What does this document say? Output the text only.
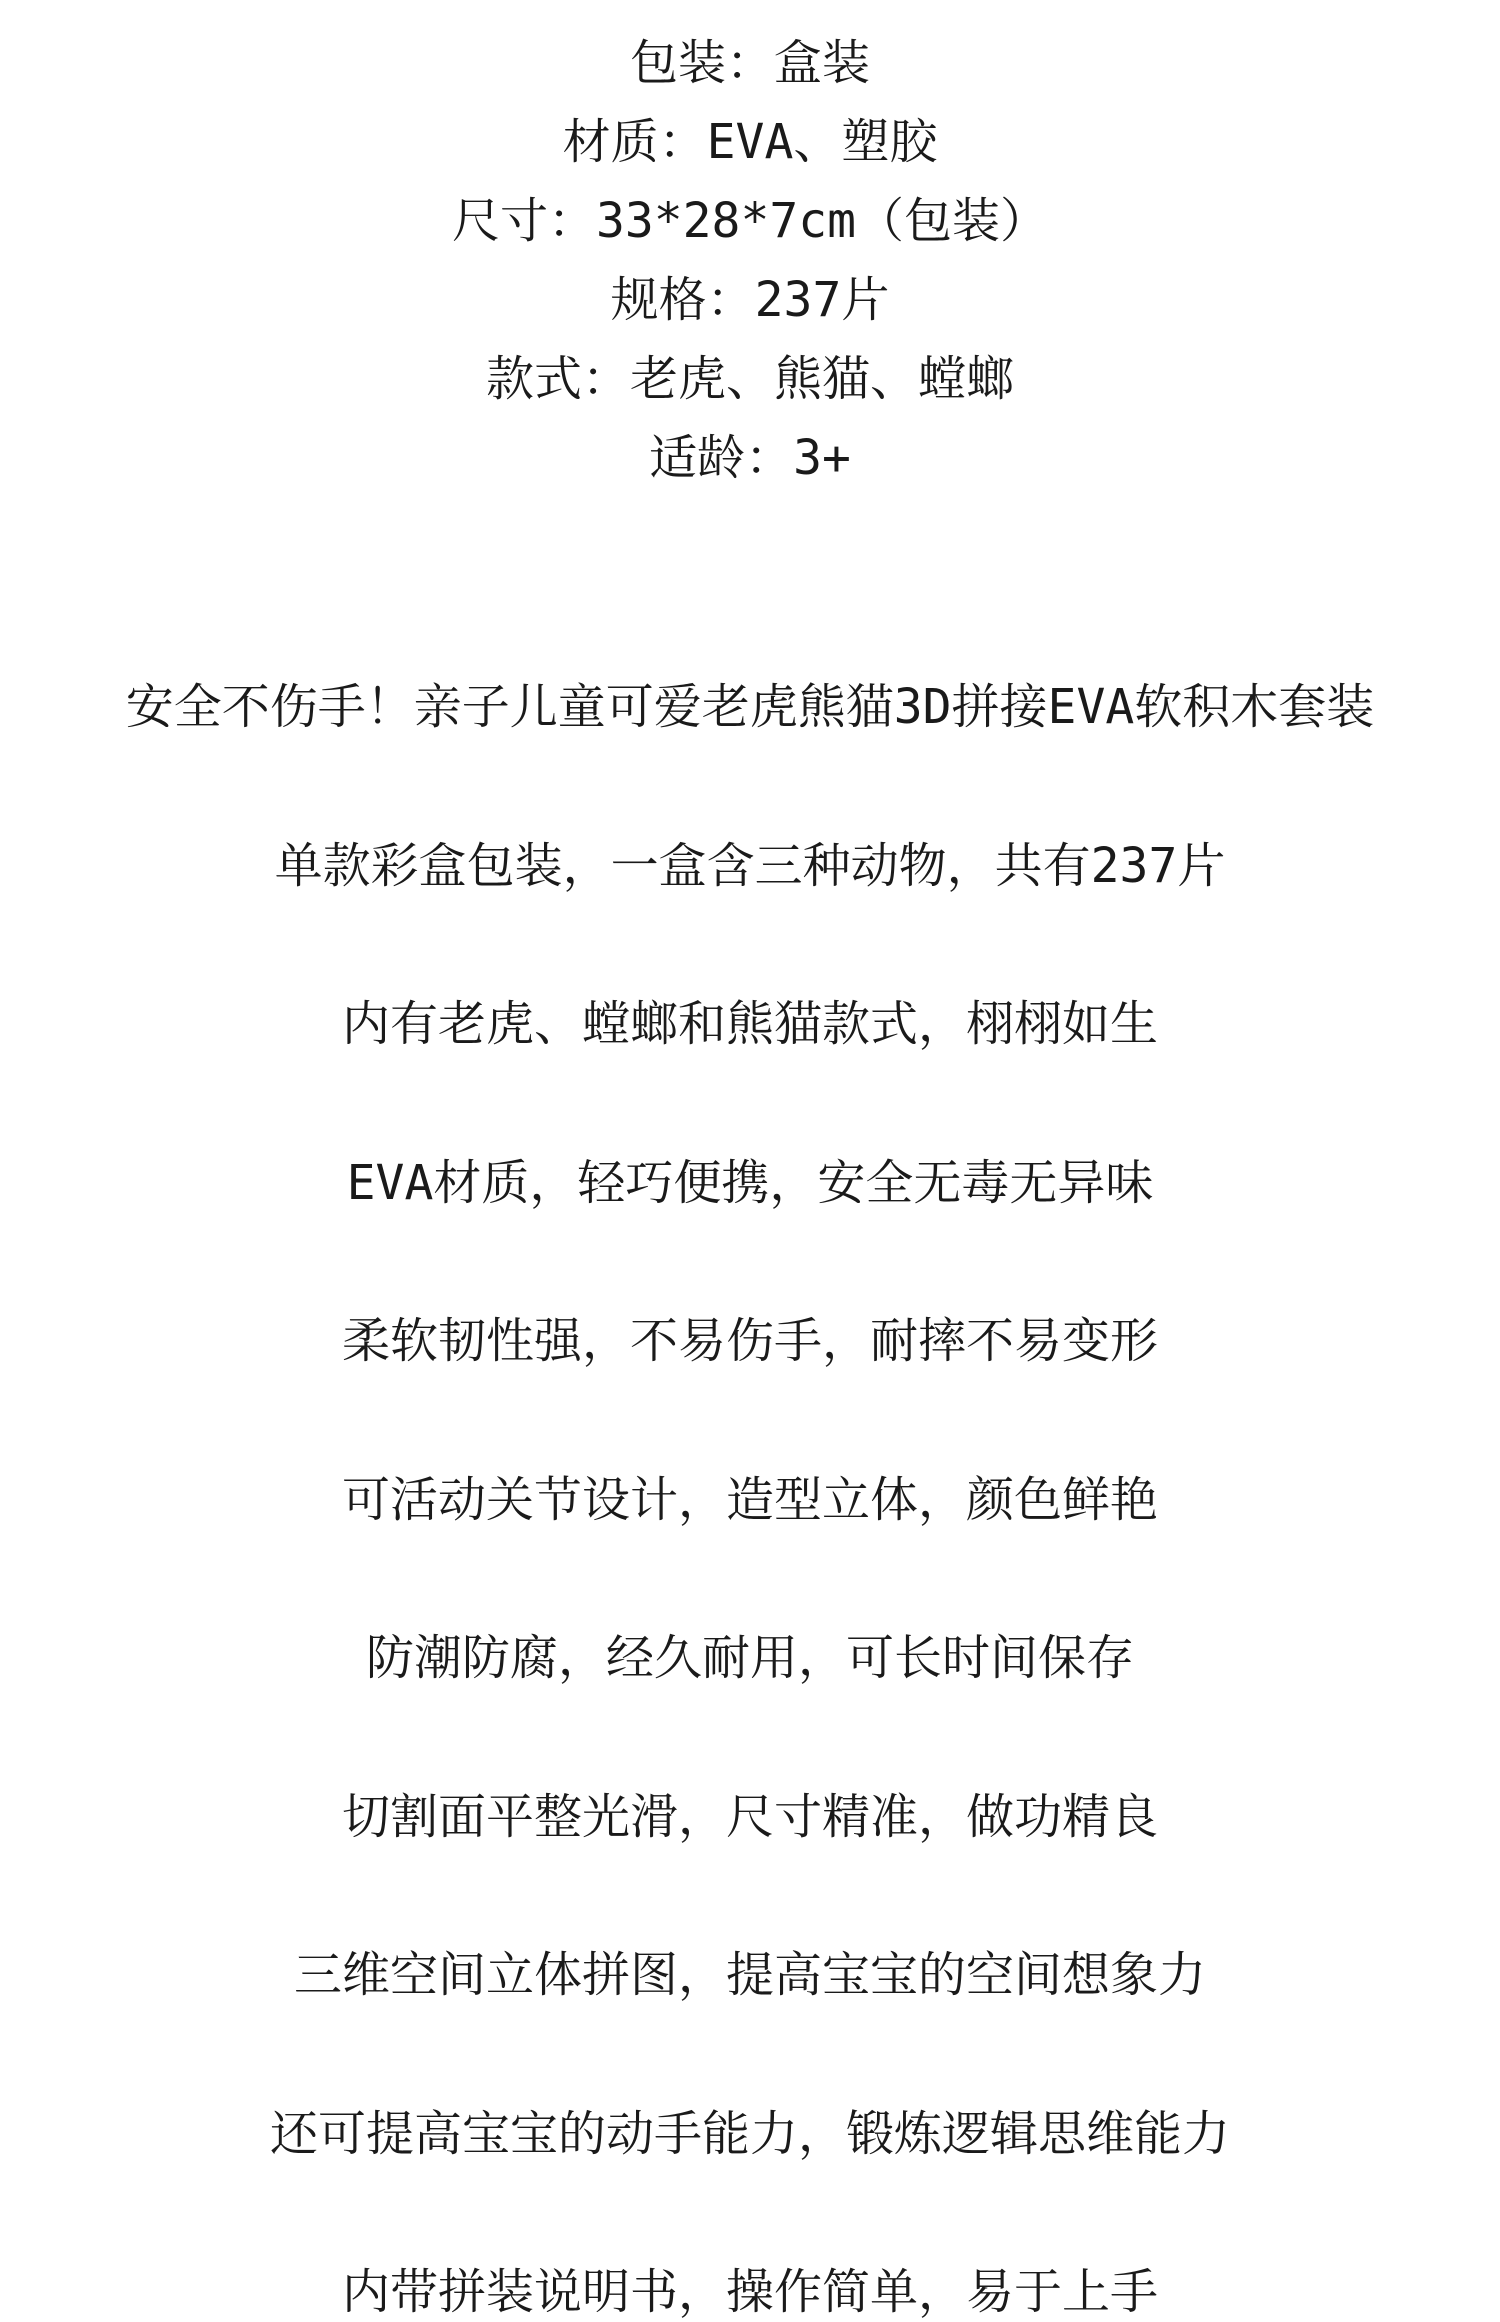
包装：盒装
材质：EVA、塑胶
尺寸：33*28*7cm（包装）
规格：237片
款式：老虎、熊猫、螳螂
适龄：3+
安全不伤手！亲子儿童可爱老虎熊猫3D拼接EVA软积木套装
单款彩盒包装，一盒含三种动物，共有237片
内有老虎、螳螂和熊猫款式，栩栩如生
EVA材质，轻巧便携，安全无毒无异味
柔软韧性强，不易伤手，耐摔不易变形
可活动关节设计，造型立体，颜色鲜艳
防潮防腐，经久耐用，可长时间保存
切割面平整光滑，尺寸精准，做功精良
三维空间立体拼图，提高宝宝的空间想象力
还可提高宝宝的动手能力，锻炼逻辑思维能力
内带拼装说明书，操作简单，易于上手
